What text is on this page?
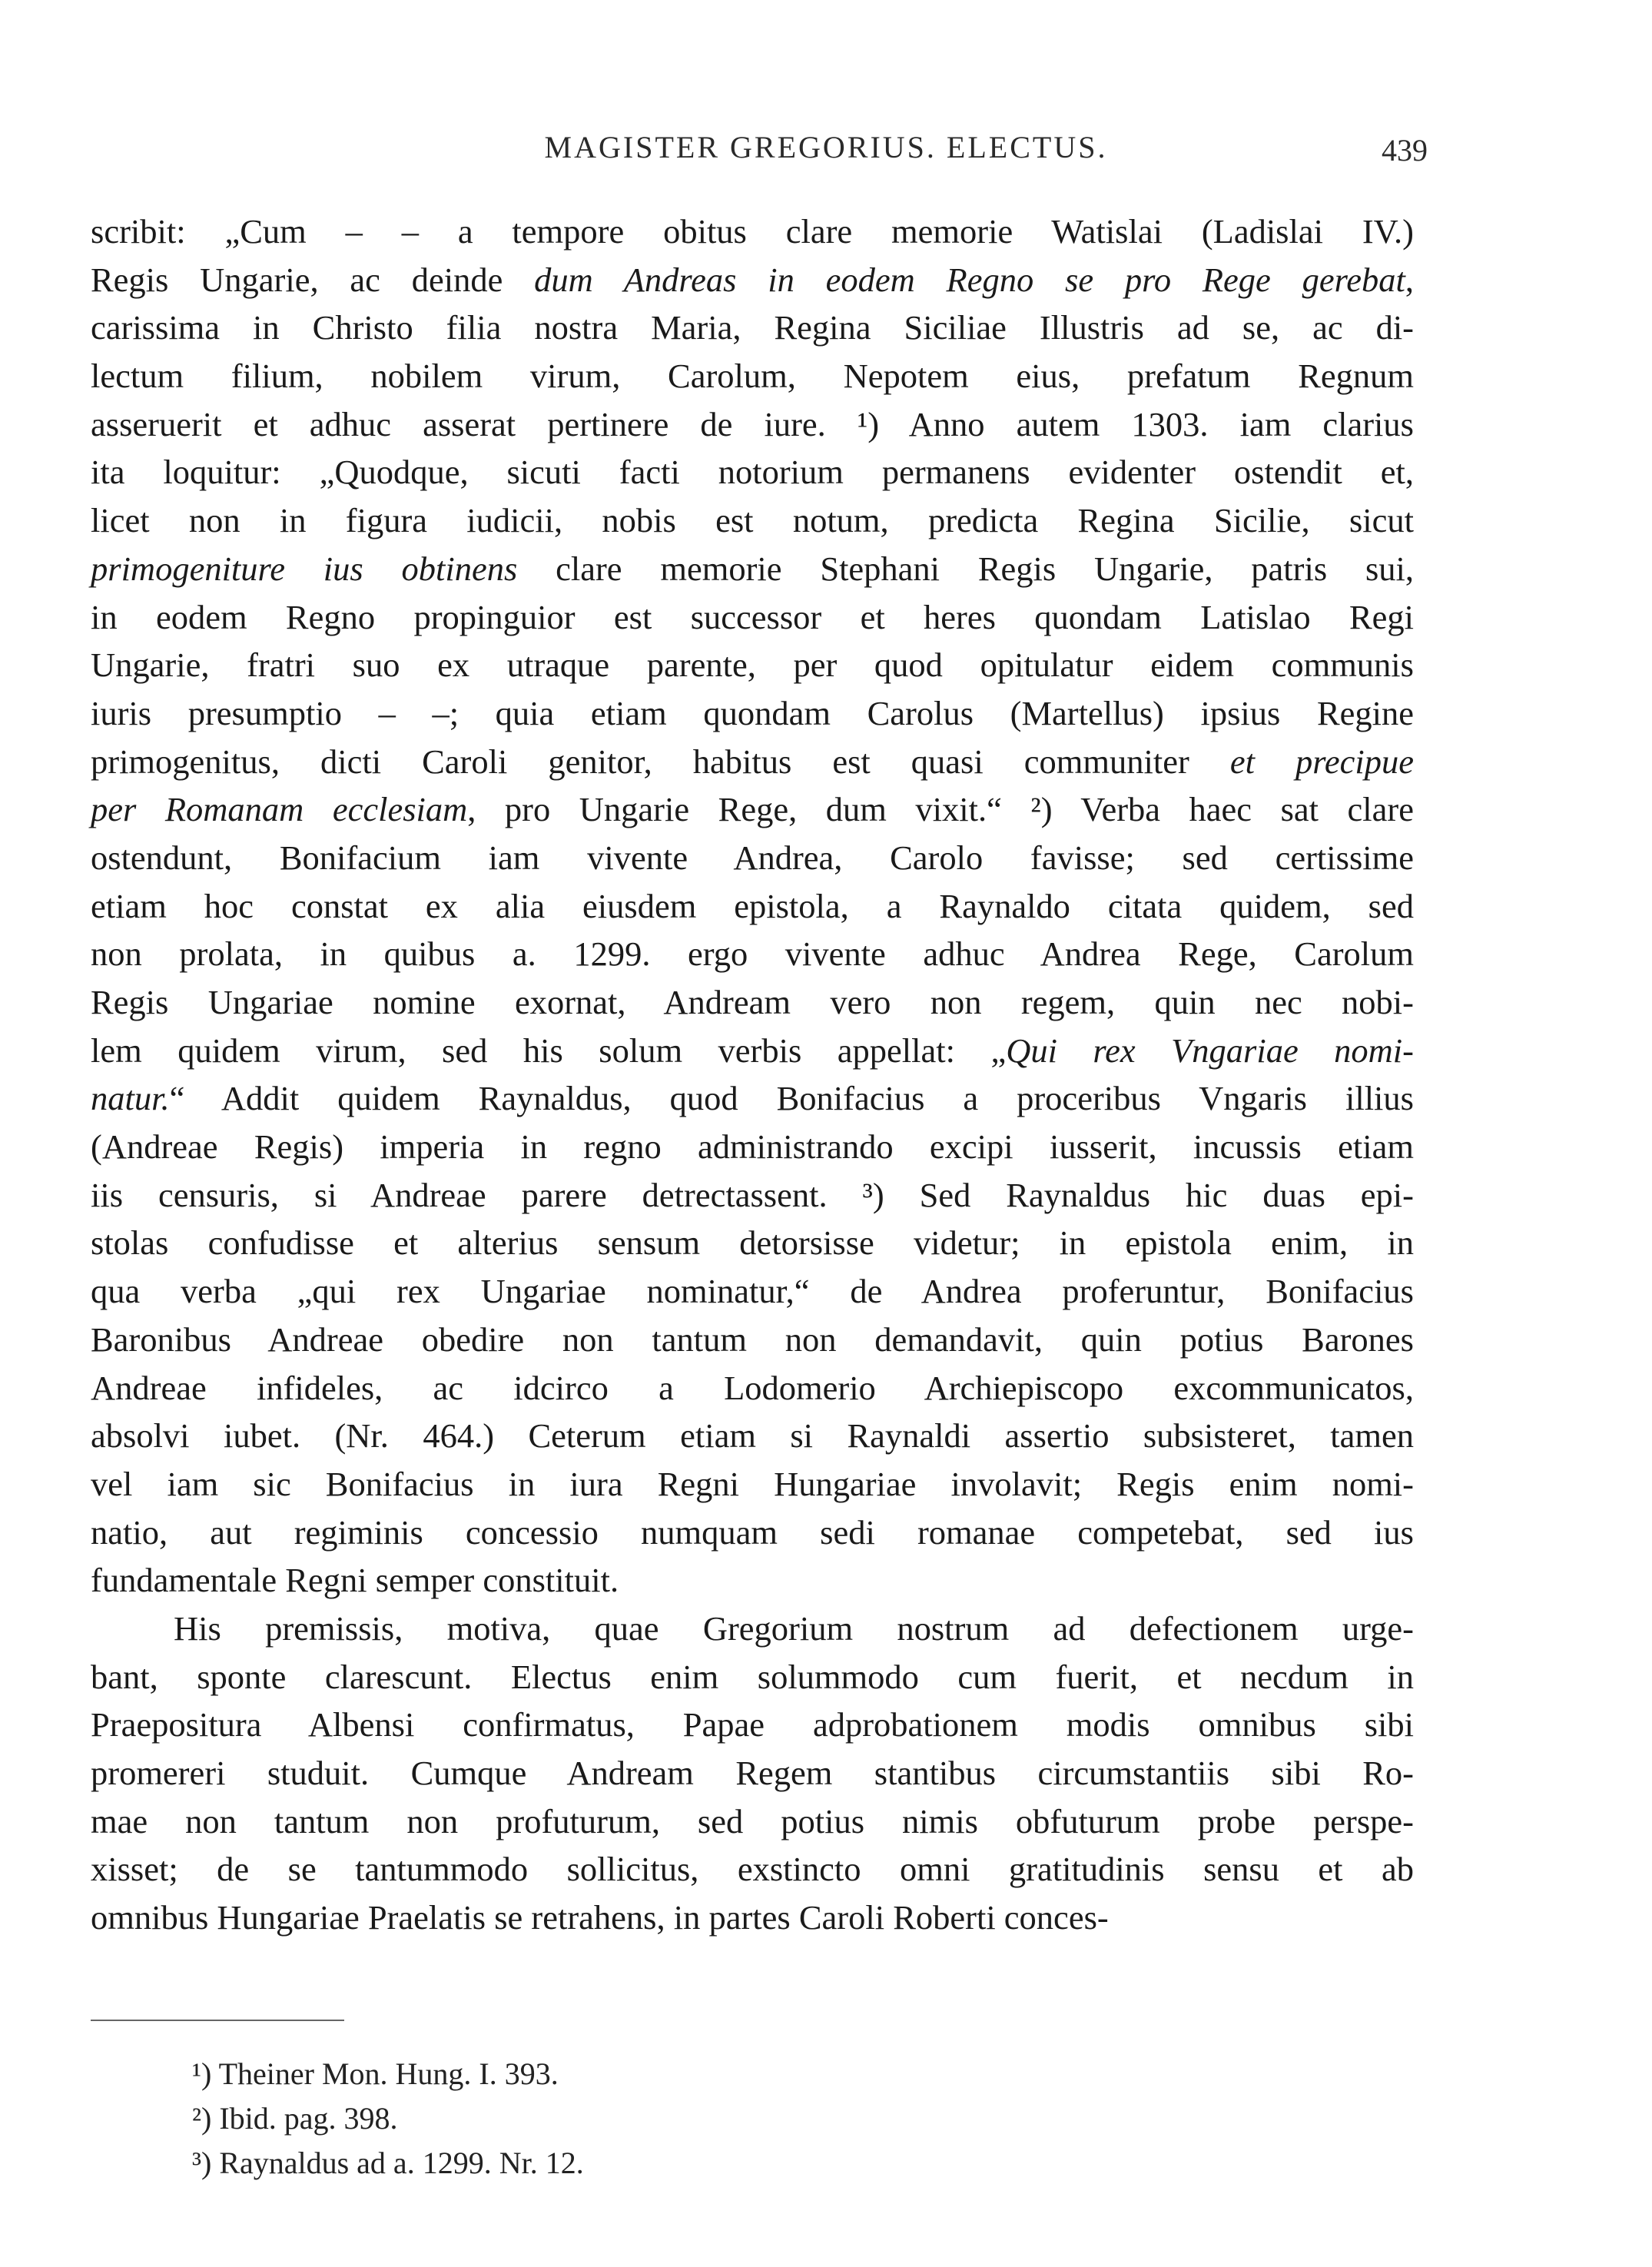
MAGISTER GREGORIUS. ELECTUS.	439
scribit: „Cum – – a tempore obitus clare memorie Watislai (Ladislai IV.)
Regis Ungarie, ac deinde dum Andreas in eodem Regno se pro Rege gerebat,
carissima in Christo filia nostra Maria, Regina Siciliae Illustris ad se, ac di-
lectum filium, nobilem virum, Carolum, Nepotem eius, prefatum Regnum
asseruerit et adhuc asserat pertinere de iure. ¹) Anno autem 1303. iam clarius
ita loquitur: „Quodque, sicuti facti notorium permanens evidenter ostendit et,
licet non in figura iudicii, nobis est notum, predicta Regina Sicilie, sicut
primogeniture ius obtinens clare memorie Stephani Regis Ungarie, patris sui,
in eodem Regno propinguior est successor et heres quondam Latislao Regi
Ungarie, fratri suo ex utraque parente, per quod opitulatur eidem communis
iuris presumptio – –; quia etiam quondam Carolus (Martellus) ipsius Regine
primogenitus, dicti Caroli genitor, habitus est quasi communiter et precipue
per Romanam ecclesiam, pro Ungarie Rege, dum vixit.“ ²) Verba haec sat clare
ostendunt, Bonifacium iam vivente Andrea, Carolo favisse; sed certissime
etiam hoc constat ex alia eiusdem epistola, a Raynaldo citata quidem, sed
non prolata, in quibus a. 1299. ergo vivente adhuc Andrea Rege, Carolum
Regis Ungariae nomine exornat, Andream vero non regem, quin nec nobi-
lem quidem virum, sed his solum verbis appellat: „Qui rex Vngariae nomi-
natur.“ Addit quidem Raynaldus, quod Bonifacius a proceribus Vngaris illius
(Andreae Regis) imperia in regno administrando excipi iusserit, incussis etiam
iis censuris, si Andreae parere detrectassent. ³) Sed Raynaldus hic duas epi-
stolas confudisse et alterius sensum detorsisse videtur; in epistola enim, in
qua verba „qui rex Ungariae nominatur,“ de Andrea proferuntur, Bonifacius
Baronibus Andreae obedire non tantum non demandavit, quin potius Barones
Andreae infideles, ac idcirco a Lodomerio Archiepiscopo excommunicatos,
absolvi iubet. (Nr. 464.) Ceterum etiam si Raynaldi assertio subsisteret, tamen
vel iam sic Bonifacius in iura Regni Hungariae involavit; Regis enim nomi-
natio, aut regiminis concessio numquam sedi romanae competebat, sed ius
fundamentale Regni semper constituit.
His premissis, motiva, quae Gregorium nostrum ad defectionem urge-
bant, sponte clarescunt. Electus enim solummodo cum fuerit, et necdum in
Praepositura Albensi confirmatus, Papae adprobationem modis omnibus sibi
promereri studuit. Cumque Andream Regem stantibus circumstantiis sibi Ro-
mae non tantum non profuturum, sed potius nimis obfuturum probe perspe-
xisset; de se tantummodo sollicitus, exstincto omni gratitudinis sensu et ab
omnibus Hungariae Praelatis se retrahens, in partes Caroli Roberti conces-
¹) Theiner Mon. Hung. I. 393.
²) Ibid. pag. 398.
³) Raynaldus ad a. 1299. Nr. 12.
